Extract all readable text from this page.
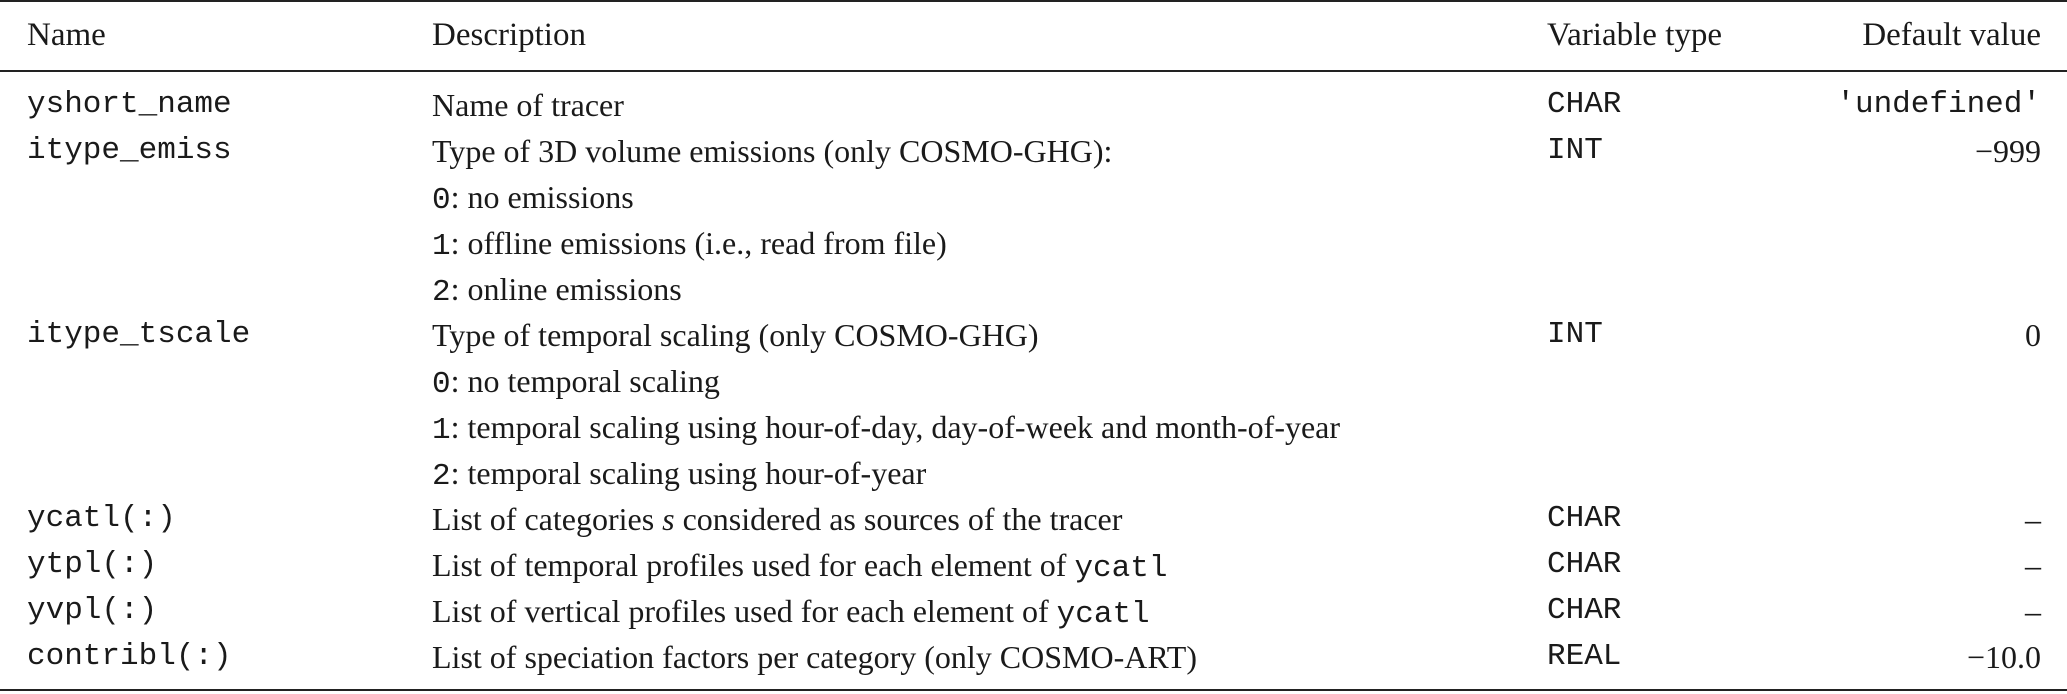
Name	Description	Variable type	Default value
yshort_name	Name of tracer	CHAR	'undefined'
itype_emiss	Type of 3D volume emissions (only COSMO-GHG):	INT	−999
0: no emissions
1: offline emissions (i.e., read from file)
2: online emissions
itype_tscale	Type of temporal scaling (only COSMO-GHG)	INT	0
0: no temporal scaling
1: temporal scaling using hour-of-day, day-of-week and month-of-year
2: temporal scaling using hour-of-year
ycatl(:)	List of categories s considered as sources of the tracer	CHAR	–
ytpl(:)	List of temporal profiles used for each element of ycatl	CHAR	–
yvpl(:)	List of vertical profiles used for each element of ycatl	CHAR	–
contribl(:)	List of speciation factors per category (only COSMO-ART)	REAL	−10.0
